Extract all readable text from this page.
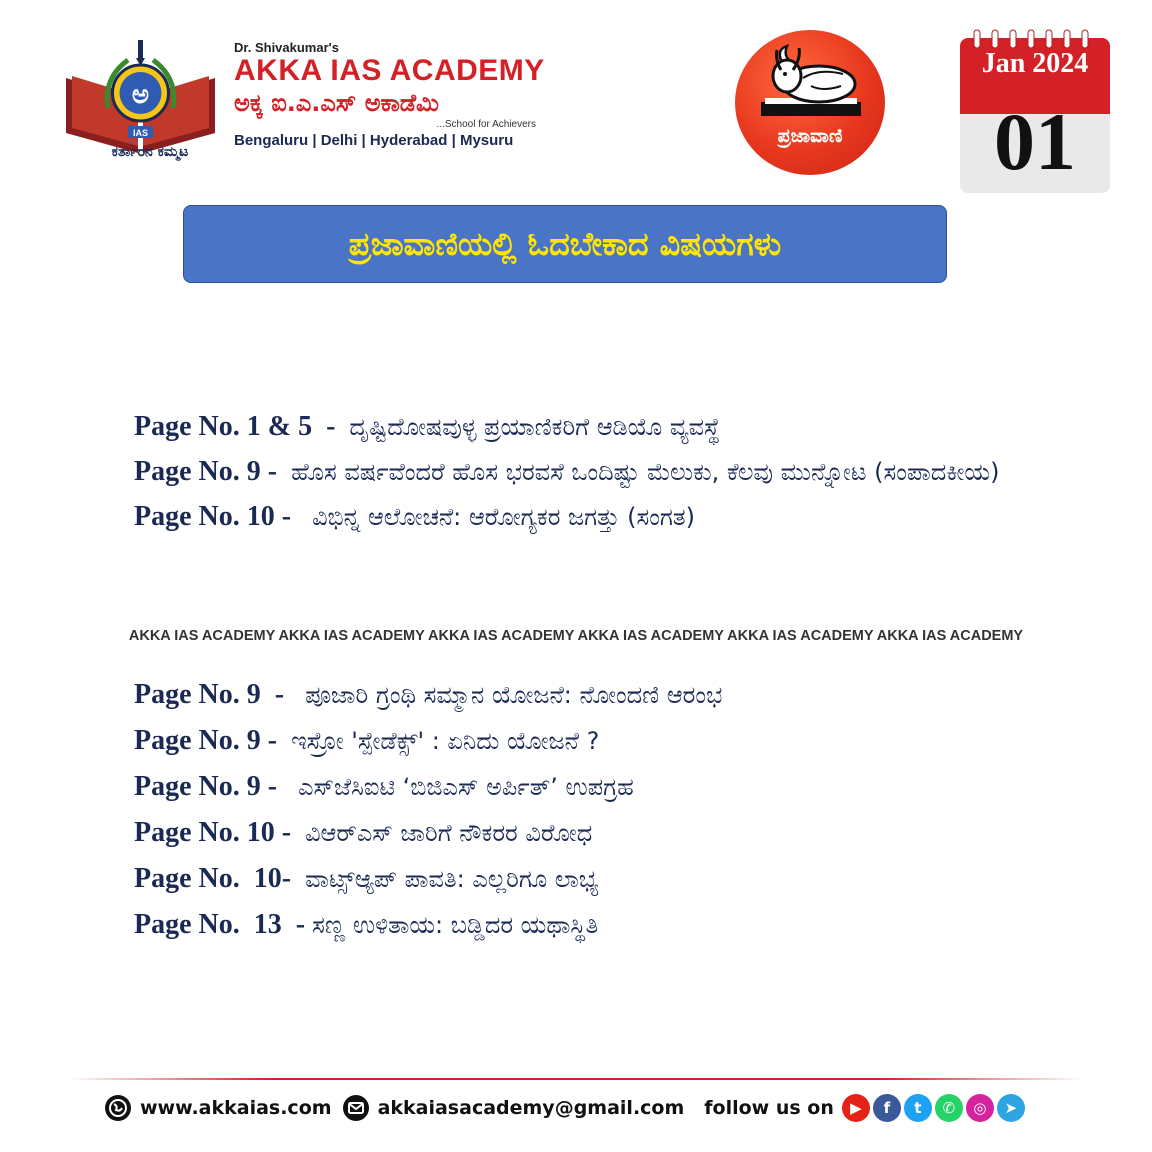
ಅ
IAS
ಕರ್ತಾರನ ಕಮ್ಮಟ
Dr. Shivakumar's
AKKA IAS ACADEMY
ಅಕ್ಕ ಐ.ಎ.ಎಸ್ ಅಕಾಡೆಮಿ
...School for Achievers
Bengaluru | Delhi | Hyderabad | Mysuru	ಪ್ರಜಾವಾಣಿ
Jan 2024
01
ಪ್ರಜಾವಾಣಿಯಲ್ಲಿ ಓದಬೇಕಾದ ವಿಷಯಗಳು
Page No. 1 & 5  -  ದೃಷ್ಟಿದೋಷವುಳ್ಳ ಪ್ರಯಾಣಿಕರಿಗೆ ಆಡಿಯೊ ವ್ಯವಸ್ಥೆ
Page No. 9 -  ಹೊಸ ವರ್ಷವೆಂದರೆ ಹೊಸ ಭರವಸೆ ಒಂದಿಷ್ಟು ಮೆಲುಕು, ಕೆಲವು ಮುನ್ನೋಟ (ಸಂಪಾದಕೀಯ)
Page No. 10 -   ವಿಭಿನ್ನ ಆಲೋಚನೆ: ಆರೋಗ್ಯಕರ ಜಗತ್ತು (ಸಂಗತ)
AKKA IAS ACADEMY AKKA IAS ACADEMY AKKA IAS ACADEMY AKKA IAS ACADEMY AKKA IAS ACADEMY AKKA IAS ACADEMY
Page No. 9  -   ಪೂಜಾರಿ ಗ್ರಂಥಿ ಸಮ್ಮಾನ ಯೋಜನೆ: ನೋಂದಣಿ ಆರಂಭ
Page No. 9 -  ಇಸ್ರೋ 'ಸ್ಪೇಡೆಕ್ಸ್' : ಏನಿದು ಯೋಜನೆ ?
Page No. 9 -   ಎಸ್‌ಜೆಸಿಐಟಿ ‘ಬಿಜಿಎಸ್ ಅರ್ಪಿತ್’ ಉಪಗ್ರಹ
Page No. 10 -  ವಿಆರ್‌ಎಸ್ ಜಾರಿಗೆ ನೌಕರರ ವಿರೋಧ
Page No.  10-  ವಾಟ್ಸ್‌ಆ್ಯಪ್ ಪಾವತಿ: ಎಲ್ಲರಿಗೂ ಲಾಭ್ಯ
Page No.  13  - ಸಣ್ಣ ಉಳಿತಾಯ: ಬಡ್ಡಿದರ ಯಥಾಸ್ಥಿತಿ
www.akkaias.com akkaiasacademy@gmail.com follow us on	▶	f	t	✆	◎	➤
